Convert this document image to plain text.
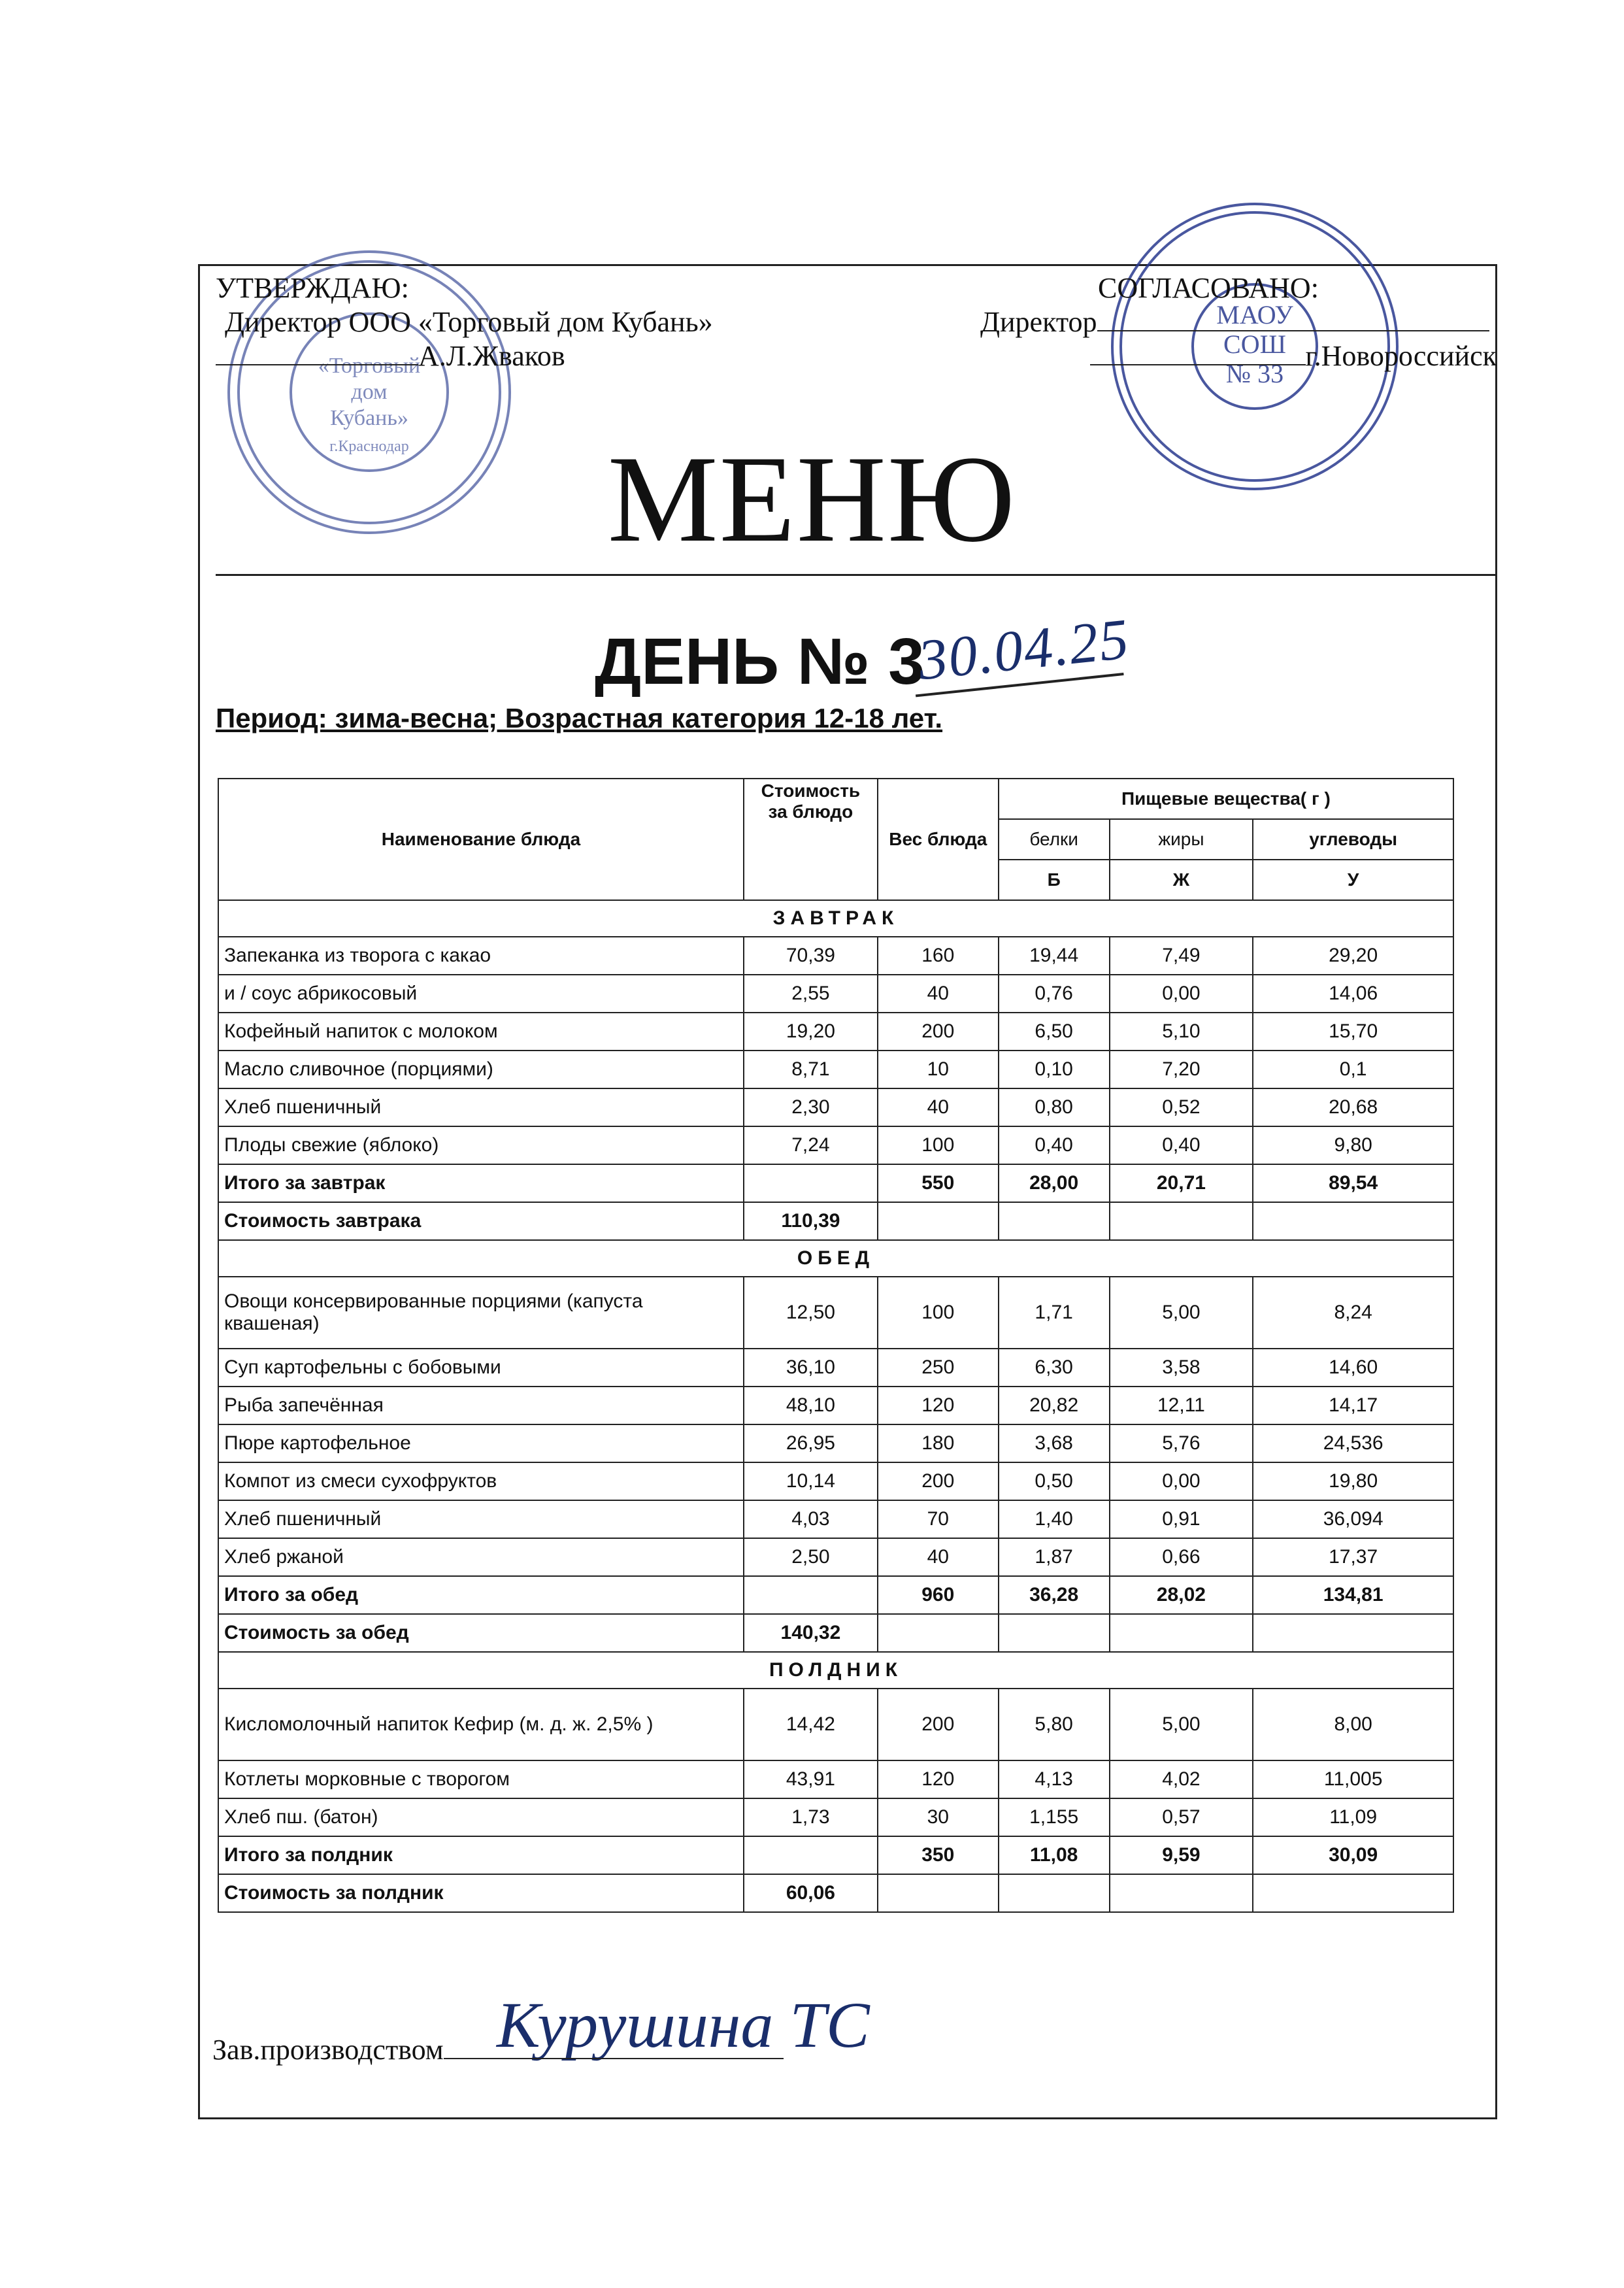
«Торговый
дом
Кубань»
г.Краснодар
МАОУ
СОШ
№ 33
УТВЕРЖДАЮ:
Директор ООО «Торговый дом Кубань»
А.Л.Жваков
СОГЛАСОВАНО:
Директор
г.Новороссийск
МЕНЮ
ДЕНЬ № 3
30.04.25
Период: зима-весна; Возрастная категория 12-18 лет.
Наименование блюда	Стоимость за блюдо	Вес блюда	Пищевые вещества( г )		
			белки	жиры	углеводы
			Б	Ж	У
ЗАВТРАК					
Запеканка из творога с какао	70,39	160	19,44	7,49	29,20
и / соус абрикосовый	2,55	40	0,76	0,00	14,06
Кофейный напиток с молоком	19,20	200	6,50	5,10	15,70
Масло сливочное (порциями)	8,71	10	0,10	7,20	0,1
Хлеб пшеничный	2,30	40	0,80	0,52	20,68
Плоды свежие (яблоко)	7,24	100	0,40	0,40	9,80
Итого за завтрак		550	28,00	20,71	89,54
Стоимость завтрака	110,39				
ОБЕД					
Овощи консервированные порциями (капуста квашеная)	12,50	100	1,71	5,00	8,24
Суп картофельны с бобовыми	36,10	250	6,30	3,58	14,60
Рыба запечённая	48,10	120	20,82	12,11	14,17
Пюре картофельное	26,95	180	3,68	5,76	24,536
Компот из смеси сухофруктов	10,14	200	0,50	0,00	19,80
Хлеб пшеничный	4,03	70	1,40	0,91	36,094
Хлеб ржаной	2,50	40	1,87	0,66	17,37
Итого за обед		960	36,28	28,02	134,81
Стоимость за обед	140,32				
ПОЛДНИК					
Кисломолочный напиток Кефир (м. д. ж. 2,5% )	14,42	200	5,80	5,00	8,00
Котлеты морковные с творогом	43,91	120	4,13	4,02	11,005
Хлеб пш. (батон)	1,73	30	1,155	0,57	11,09
Итого за полдник		350	11,08	9,59	30,09
Стоимость за полдник	60,06				
Курушина ТС
Зав.производством
